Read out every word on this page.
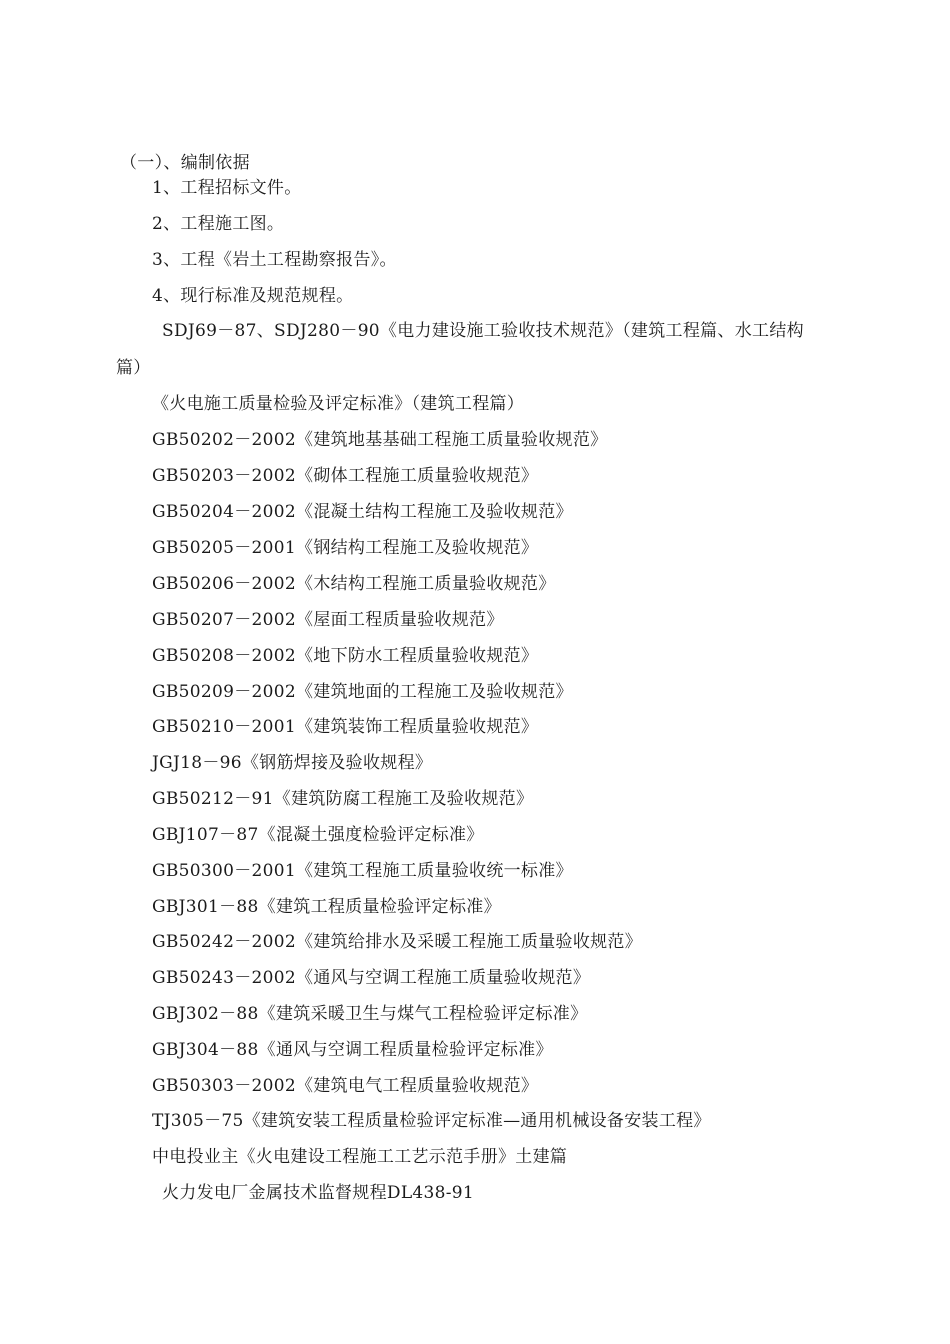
（一）、编制依据
1、工程招标文件。
2、工程施工图。
3、工程《岩土工程勘察报告》。
4、现行标准及规范规程。
SDJ69－87、SDJ280－90《电力建设施工验收技术规范》（建筑工程篇、水工结构
篇）
《火电施工质量检验及评定标准》（建筑工程篇）
GB50202－2002《建筑地基基础工程施工质量验收规范》
GB50203－2002《砌体工程施工质量验收规范》
GB50204－2002《混凝土结构工程施工及验收规范》
GB50205－2001《钢结构工程施工及验收规范》
GB50206－2002《木结构工程施工质量验收规范》
GB50207－2002《屋面工程质量验收规范》
GB50208－2002《地下防水工程质量验收规范》
GB50209－2002《建筑地面的工程施工及验收规范》
GB50210－2001《建筑装饰工程质量验收规范》
JGJ18－96《钢筋焊接及验收规程》
GB50212－91《建筑防腐工程施工及验收规范》
GBJ107－87《混凝土强度检验评定标准》
GB50300－2001《建筑工程施工质量验收统一标准》
GBJ301－88《建筑工程质量检验评定标准》
GB50242－2002《建筑给排水及采暖工程施工质量验收规范》
GB50243－2002《通风与空调工程施工质量验收规范》
GBJ302－88《建筑采暖卫生与煤气工程检验评定标准》
GBJ304－88《通风与空调工程质量检验评定标准》
GB50303－2002《建筑电气工程质量验收规范》
TJ305－75《建筑安装工程质量检验评定标准—通用机械设备安装工程》
中电投业主《火电建设工程施工工艺示范手册》土建篇
火力发电厂金属技术监督规程DL438-91
